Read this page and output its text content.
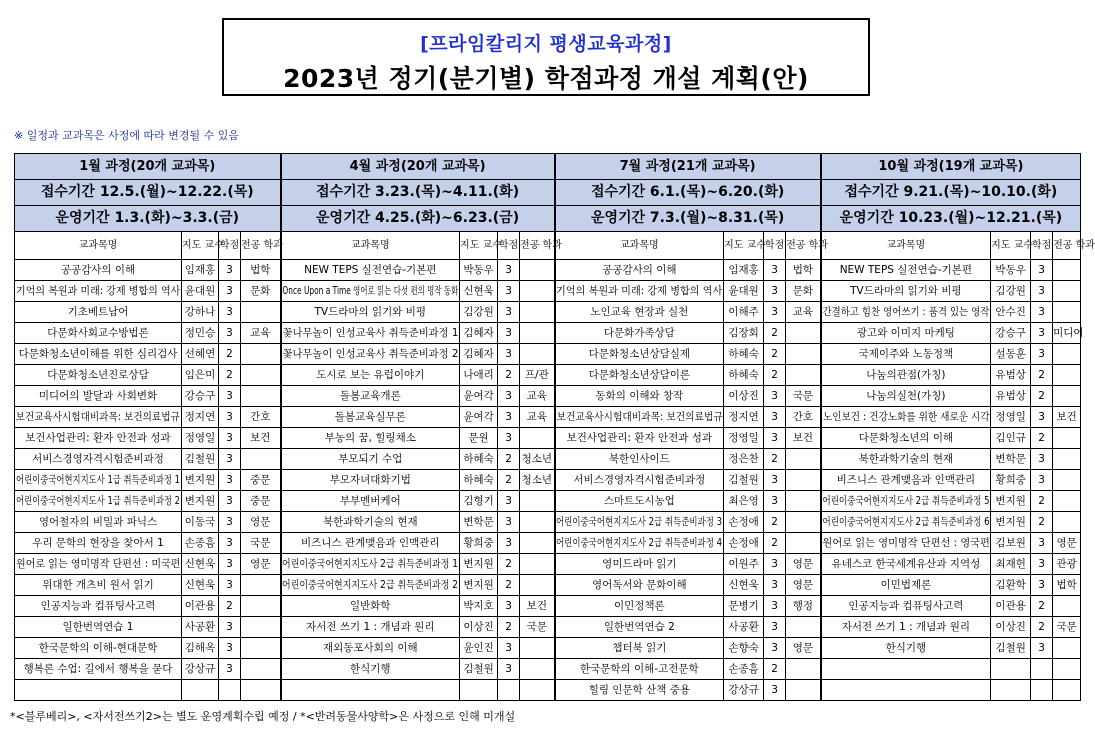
[프라임칼리지 평생교육과정]
2023년 정기(분기별) 학점과정 개설 계획(안)
※ 일정과 교과목은 사정에 따라 변경될 수 있음
1월 과정(20개 교과목)				4월 과정(20개 교과목)				7월 과정(21개 교과목)				10월 과정(19개 교과목)			
접수기간 12.5.(월)~12.22.(목)				접수기간 3.23.(목)~4.11.(화)				접수기간 6.1.(목)~6.20.(화)				접수기간 9.21.(목)~10.10.(화)			
운영기간 1.3.(화)~3.3.(금)				운영기간 4.25.(화)~6.23.(금)				운영기간 7.3.(월)~8.31.(목)				운영기간 10.23.(월)~12.21.(목)			
교과목명	지도 교수	학점	전공 학과	교과목명	지도 교수	학점	전공 학과	교과목명	지도 교수	학점	전공 학과	교과목명	지도 교수	학점	전공 학과
공공감사의 이해	임재홍	3	법학	NEW TEPS 실전연습-기본편	박동우	3		공공감사의 이해	임재홍	3	법학	NEW TEPS 실전연습-기본편	박동우	3	
기억의 복원과 미래: 강제 병합의 역사	윤대원	3	문화	Once Upon a Time 영어로 읽는 다섯 편의 명작 동화	신현욱	3		기억의 복원과 미래: 강제 병합의 역사	윤대원	3	문화	TV드라마의 읽기와 비평	김강원	3	
기초베트남어	강하나	3		TV드라마의 읽기와 비평	김강원	3		노인교육 현장과 실천	이해주	3	교육	간결하고 힘찬 영어쓰기 : 품격 있는 영작	안수진	3	
다문화사회교수방법론	정민승	3	교육	꽃나무놀이 인성교육사 취득준비과정 1	김혜자	3		다문화가족상담	김장회	2		광고와 이미지 마케팅	강승구	3	미디어
다문화청소년이해를 위한 심리검사	선혜연	2		꽃나무놀이 인성교육사 취득준비과정 2	김혜자	3		다문화청소년상담실제	하혜숙	2		국제이주와 노동정책	설동훈	3	
다문화청소년진로상담	임은미	2		도시로 보는 유럽이야기	나애리	2	프/관	다문화청소년상담이론	하혜숙	2		나눔의관점(가칭)	유범상	2	
미디어의 발달과 사회변화	강승구	3		돌봄교육개론	윤여각	3	교육	동화의 이해와 창작	이상진	3	국문	나눔의실천(가칭)	유범상	2	
보건교육사시험대비과목: 보건의료법규	정지연	3	간호	돌봄교육실무론	윤여각	3	교육	보건교육사시험대비과목: 보건의료법규	정지연	3	간호	노인보건 : 건강노화를 위한 새로운 시각	정영일	3	보건
보건사업관리: 환자 안전과 성과	정영일	3	보건	부농의 꿈, 힐링채소	문원	3		보건사업관리: 환자 안전과 성과	정영일	3	보건	다문화청소년의 이해	김인규	2	
서비스경영자격시험준비과정	김철원	3		부모되기 수업	하혜숙	2	청소년	북한인사이드	정은찬	2		북한과학기술의 현재	변학문	3	
어린이중국어현지지도사 1급 취득준비과정 1	변지원	3	중문	부모자녀대화기법	하혜숙	2	청소년	서비스경영자격시험준비과정	김철원	3		비즈니스 관계맺음과 인맥관리	황희중	3	
어린이중국어현지지도사 1급 취득준비과정 2	변지원	3	중문	부부멘버케어	김형기	3		스마트도시농업	최은영	3		어린이중국어현지지도사 2급 취득준비과정 5	변지원	2	
영어철자의 비밀과 파닉스	이동국	3	영문	북한과학기술의 현재	변학문	3		어린이중국어현지지도사 2급 취득준비과정 3	손정애	2		어린이중국어현지지도사 2급 취득준비과정 6	변지원	2	
우리 문학의 현장을 찾아서 1	손종흠	3	국문	비즈니스 관계맺음과 인맥관리	황희중	3		어린이중국어현지지도사 2급 취득준비과정 4	손정애	2		원어로 읽는 영미명작 단편선 : 영국편	김보원	3	영문
원어로 읽는 영미명작 단편선 : 미국편	신현욱	3	영문	어린이중국어현지지도사 2급 취득준비과정 1	변지원	2		영미드라마 읽기	이원주	3	영문	유네스코 한국세계유산과 지역성	최재헌	3	관광
위대한 개츠비 원서 읽기	신현욱	3		어린이중국어현지지도사 2급 취득준비과정 2	변지원	2		영어독서와 문화이해	신현욱	3	영문	이민법제론	김환학	3	법학
인공지능과 컴퓨팅사고력	이관용	2		일반화학	박지호	3	보건	이민정책론	문병기	3	행정	인공지능과 컴퓨팅사고력	이관용	2	
일한번역연습 1	사공환	3		자서전 쓰기 1 : 개념과 원리	이상진	2	국문	일한번역연습 2	사공환	3		자서전 쓰기 1 : 개념과 원리	이상진	2	국문
한국문학의 이해-현대문학	김해옥	3		재외동포사회의 이해	윤인진	3		챕터북 읽기	손향숙	3	영문	한식기행	김철원	3	
행복론 수업: 길에서 행복을 묻다	강상규	3		한식기행	김철원	3		한국문학의 이해-고전문학	손종흠	2					
								힐링 인문학 산책 중용	강상규	3					
*<블루베리>, <자서전쓰기2>는 별도 운영계획수립 예정 / *<반려동물사양학>은 사정으로 인해 미개설
